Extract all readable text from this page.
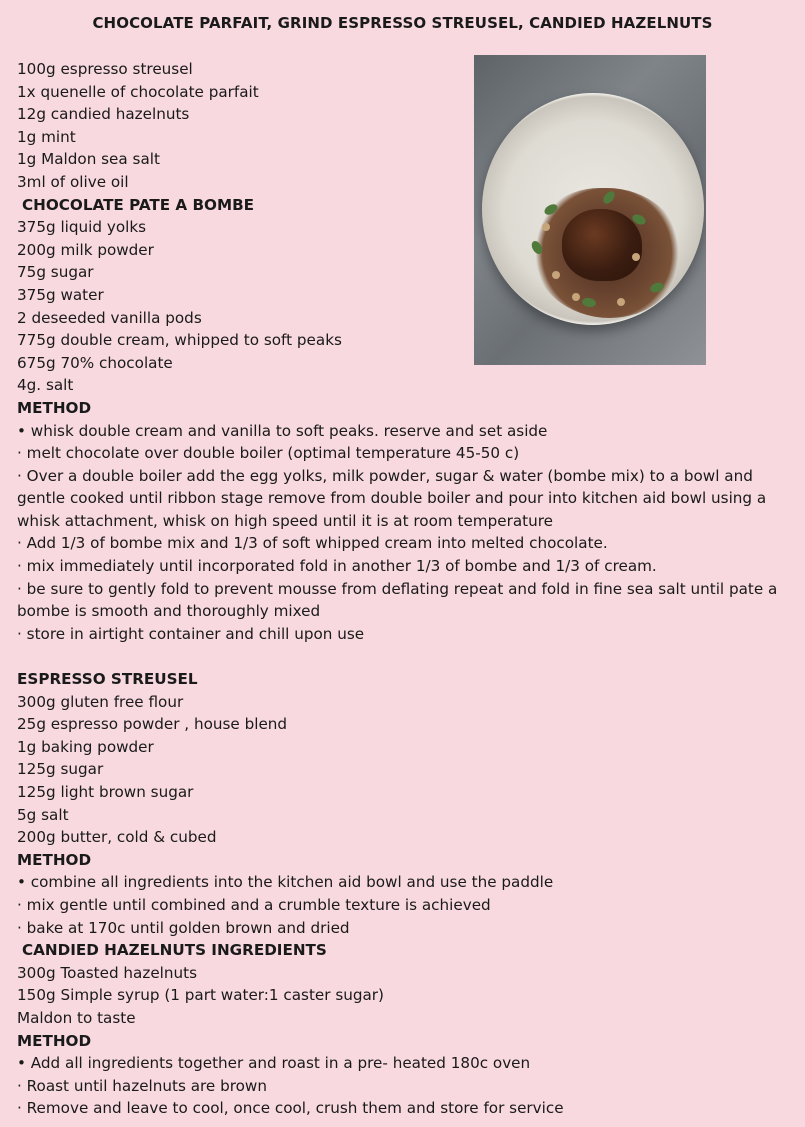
CHOCOLATE PARFAIT, GRIND ESPRESSO STREUSEL, CANDIED HAZELNUTS
100g espresso streusel
1x quenelle of chocolate parfait
12g candied hazelnuts
1g mint
1g Maldon sea salt
3ml of olive oil
CHOCOLATE PATE A BOMBE
375g liquid yolks
200g milk powder
75g sugar
375g water
2 deseeded vanilla pods
775g double cream, whipped to soft peaks
675g 70% chocolate
4g. salt
METHOD
• whisk double cream and vanilla to soft peaks. reserve and set aside
· melt chocolate over double boiler (optimal temperature 45-50 c)
· Over a double boiler add the egg yolks, milk powder, sugar & water (bombe mix) to a bowl and gentle cooked until ribbon stage remove from double boiler and pour into kitchen aid bowl using a whisk attachment, whisk on high speed until it is at room temperature
· Add 1/3 of bombe mix and 1/3 of soft whipped cream into melted chocolate.
· mix immediately until incorporated fold in another 1/3 of bombe and 1/3 of cream.
· be sure to gently fold to prevent mousse from deflating repeat and fold in fine sea salt until pate a bombe is smooth and thoroughly mixed
· store in airtight container and chill upon use
ESPRESSO STREUSEL
300g gluten free flour
25g espresso powder , house blend
1g baking powder
125g sugar
125g light brown sugar
5g salt
200g butter, cold & cubed
METHOD
• combine all ingredients into the kitchen aid bowl and use the paddle
· mix gentle until combined and a crumble texture is achieved
· bake at 170c until golden brown and dried
CANDIED HAZELNUTS INGREDIENTS
300g Toasted hazelnuts
150g Simple syrup (1 part water:1 caster sugar)
Maldon to taste
METHOD
• Add all ingredients together and roast in a pre- heated 180c oven
· Roast until hazelnuts are brown
· Remove and leave to cool, once cool, crush them and store for service
